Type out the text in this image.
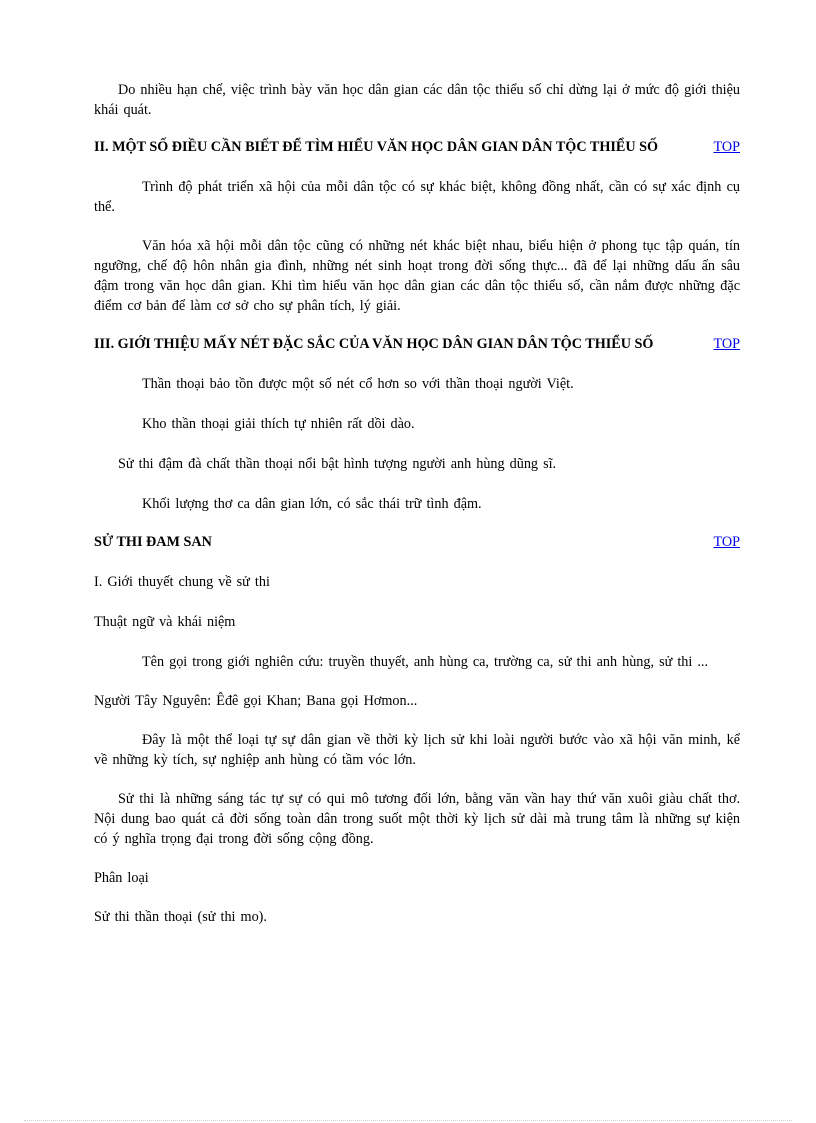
Do nhiều hạn chế, việc trình bày văn học dân gian các dân tộc thiểu số chỉ dừng lại ở mức độ giới thiệu khái quát.

II. MỘT SỐ ĐIỀU CẦN BIẾT ĐỂ TÌM HIỂU VĂN HỌC DÂN GIAN DÂN TỘC THIỂU SỐ	TOP

Trình độ phát triển xã hội của mỗi dân tộc có sự khác biệt, không đồng nhất, cần có sự xác định cụ thể.

Văn hóa xã hội mỗi dân tộc cũng có những nét khác biệt nhau, biểu hiện ở phong tục tập quán, tín ngưỡng, chế độ hôn nhân gia đình, những nét sinh hoạt trong đời sống thực... đã để lại những dấu ấn sâu đậm trong văn học dân gian. Khi tìm hiểu văn học dân gian các dân tộc thiểu số, cần nắm được những đặc điểm cơ bản để làm cơ sở cho sự phân tích, lý giải.

III. GIỚI THIỆU MẤY NÉT ĐẶC SẮC CỦA VĂN HỌC DÂN GIAN DÂN TỘC THIỂU SỐ	TOP

Thần thoại bảo tồn được một số nét cổ hơn so với thần thoại người Việt.

Kho thần thoại giải thích tự nhiên rất dồi dào.

Sử thi đậm đà chất thần thoại nổi bật hình tượng người anh hùng dũng sĩ.

Khối lượng thơ ca dân gian lớn, có sắc thái trữ tình đậm.

SỬ THI ĐAM SAN	TOP

I. Giới thuyết chung về sử thi

Thuật ngữ và khái niệm

Tên gọi trong giới nghiên cứu: truyền thuyết, anh hùng ca, trường ca, sử thi anh hùng, sử thi ...

Người Tây Nguyên: Êđê gọi Khan; Bana gọi Hơmon...

Đây là một thể loại tự sự dân gian về thời kỳ lịch sử khi loài người bước vào xã hội văn minh, kể về những kỳ tích, sự nghiệp anh hùng có tầm vóc lớn.

Sử thi là những sáng tác tự sự có qui mô tương đối lớn, bằng văn vần hay thứ văn xuôi giàu chất thơ. Nội dung bao quát cả đời sống toàn dân trong suốt một thời kỳ lịch sử dài mà trung tâm là những sự kiện có ý nghĩa trọng đại trong đời sống cộng đồng.

Phân loại

Sử thi thần thoại (sử thi mo).
